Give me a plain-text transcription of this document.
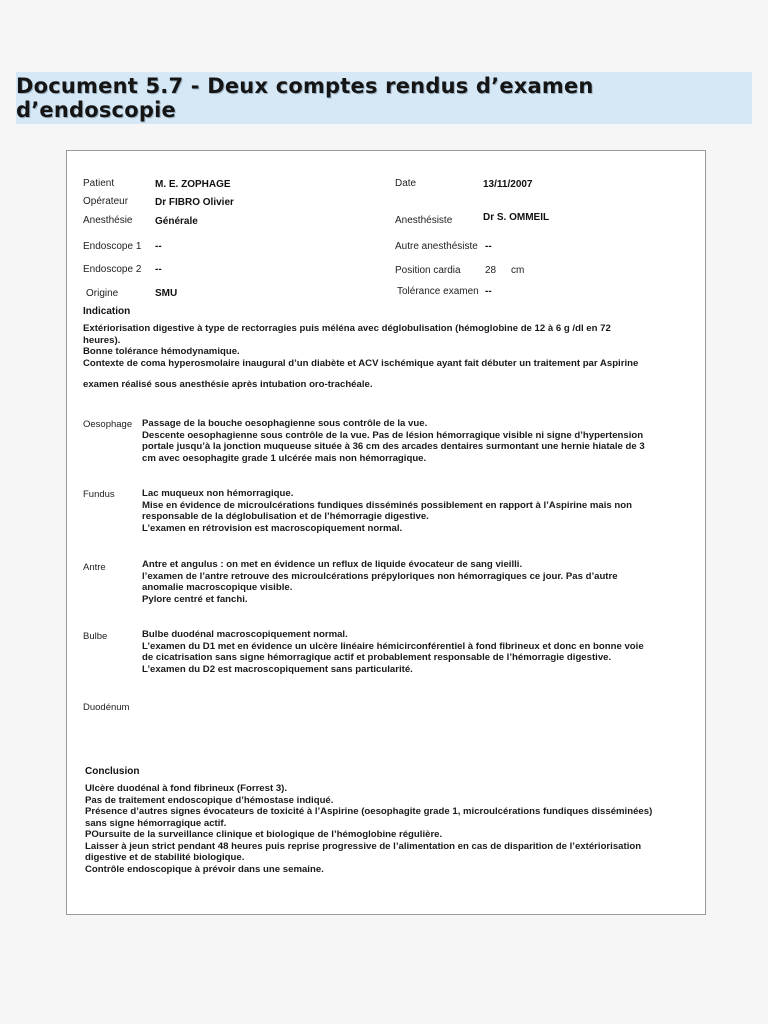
Document 5.7 - Deux comptes rendus d’examen d’endoscopie
Patient	M. E. ZOPHAGE
Opérateur	Dr FIBRO Olivier
Anesthésie Générale
Endoscope 1 --
Endoscope 2 --
Origine	SMU
Date	13/11/2007
Anesthésiste	Dr S. OMMEIL
Autre anesthésiste --
Position cardia 28 cm
Tolérance examen --
Indication
Extériorisation digestive à type de rectorragies puis méléna avec déglobulisation (hémoglobine de 12 à 6 g /dl en 72
heures).
Bonne tolérance hémodynamique.
Contexte de coma hyperosmolaire inaugural d’un diabète et ACV ischémique ayant fait débuter un traitement par Aspirine
examen réalisé sous anesthésie après intubation oro-trachéale.
Oesophage Passage de la bouche oesophagienne sous contrôle de la vue.
Descente oesophagienne sous contrôle de la vue. Pas de lésion hémorragique visible ni signe d’hypertension
portale jusqu’à la jonction muqueuse située à 36 cm des arcades dentaires surmontant une hernie hiatale de 3
cm avec oesophagite grade 1 ulcérée mais non hémorragique.
Fundus	Lac muqueux non hémorragique.
Mise en évidence de microulcérations fundiques disséminés possiblement en rapport à l’Aspirine mais non
responsable de la déglobulisation et de l’hémorragie digestive.
L’examen en rétrovision est macroscopiquement normal.
Antre	Antre et angulus : on met en évidence un reflux de liquide évocateur de sang vieilli.
l’examen de l’antre retrouve des microulcérations prépyloriques non hémorragiques ce jour. Pas d’autre
anomalie macroscopique visible.
Pylore centré et fanchi.
Bulbe	Bulbe duodénal macroscopiquement normal.
L’examen du D1 met en évidence un ulcère linéaire hémicirconférentiel à fond fibrineux et donc en bonne voie
de cicatrisation sans signe hémorragique actif et probablement responsable de l’hémorragie digestive.
L’examen du D2 est macroscopiquement sans particularité.
Duodénum
Conclusion
Ulcère duodénal à fond fibrineux (Forrest 3).
Pas de traitement endoscopique d’hémostase indiqué.
Présence d’autres signes évocateurs de toxicité à l’Aspirine (oesophagite grade 1, microulcérations fundiques disséminées)
sans signe hémorragique actif.
POursuite de la surveillance clinique et biologique de l’hémoglobine régulière.
Laisser à jeun strict pendant 48 heures puis reprise progressive de l’alimentation en cas de disparition de l’extériorisation
digestive et de stabilité biologique.
Contrôle endoscopique à prévoir dans une semaine.
